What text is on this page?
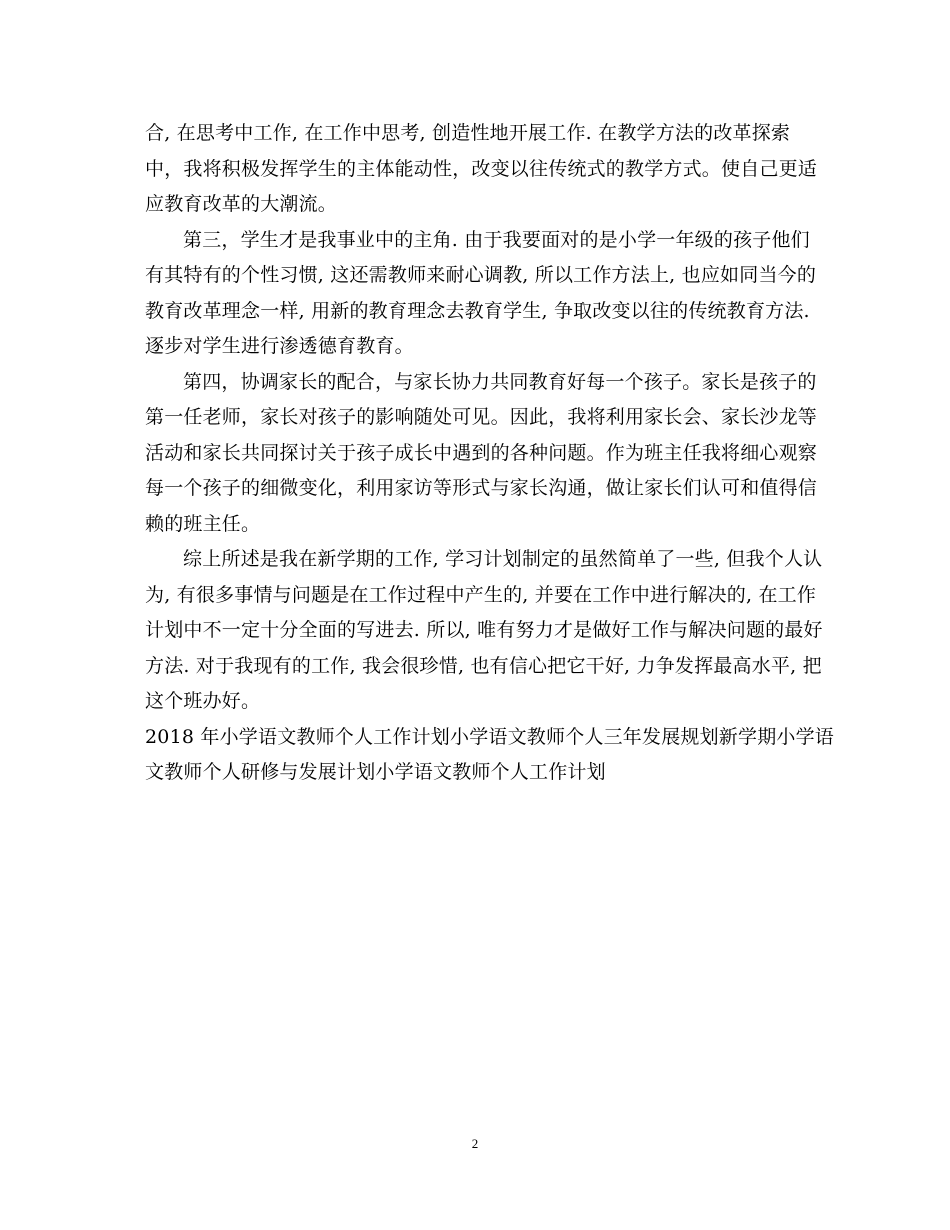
合, 在思考中工作, 在工作中思考, 创造性地开展工作. 在教学方法的改革探索
中，我将积极发挥学生的主体能动性，改变以往传统式的教学方式。使自己更适
应教育改革的大潮流。

第三，学生才是我事业中的主角. 由于我要面对的是小学一年级的孩子他们
有其特有的个性习惯, 这还需教师来耐心调教, 所以工作方法上, 也应如同当今的
教育改革理念一样, 用新的教育理念去教育学生, 争取改变以往的传统教育方法.
逐步对学生进行渗透德育教育。

第四，协调家长的配合，与家长协力共同教育好每一个孩子。家长是孩子的
第一任老师，家长对孩子的影响随处可见。因此，我将利用家长会、家长沙龙等
活动和家长共同探讨关于孩子成长中遇到的各种问题。作为班主任我将细心观察
每一个孩子的细微变化，利用家访等形式与家长沟通，做让家长们认可和值得信
赖的班主任。

综上所述是我在新学期的工作, 学习计划制定的虽然简单了一些, 但我个人认
为, 有很多事情与问题是在工作过程中产生的, 并要在工作中进行解决的, 在工作
计划中不一定十分全面的写进去. 所以, 唯有努力才是做好工作与解决问题的最好
方法. 对于我现有的工作, 我会很珍惜, 也有信心把它干好, 力争发挥最高水平, 把
这个班办好。

2018 年小学语文教师个人工作计划小学语文教师个人三年发展规划新学期小学语
文教师个人研修与发展计划小学语文教师个人工作计划

2
